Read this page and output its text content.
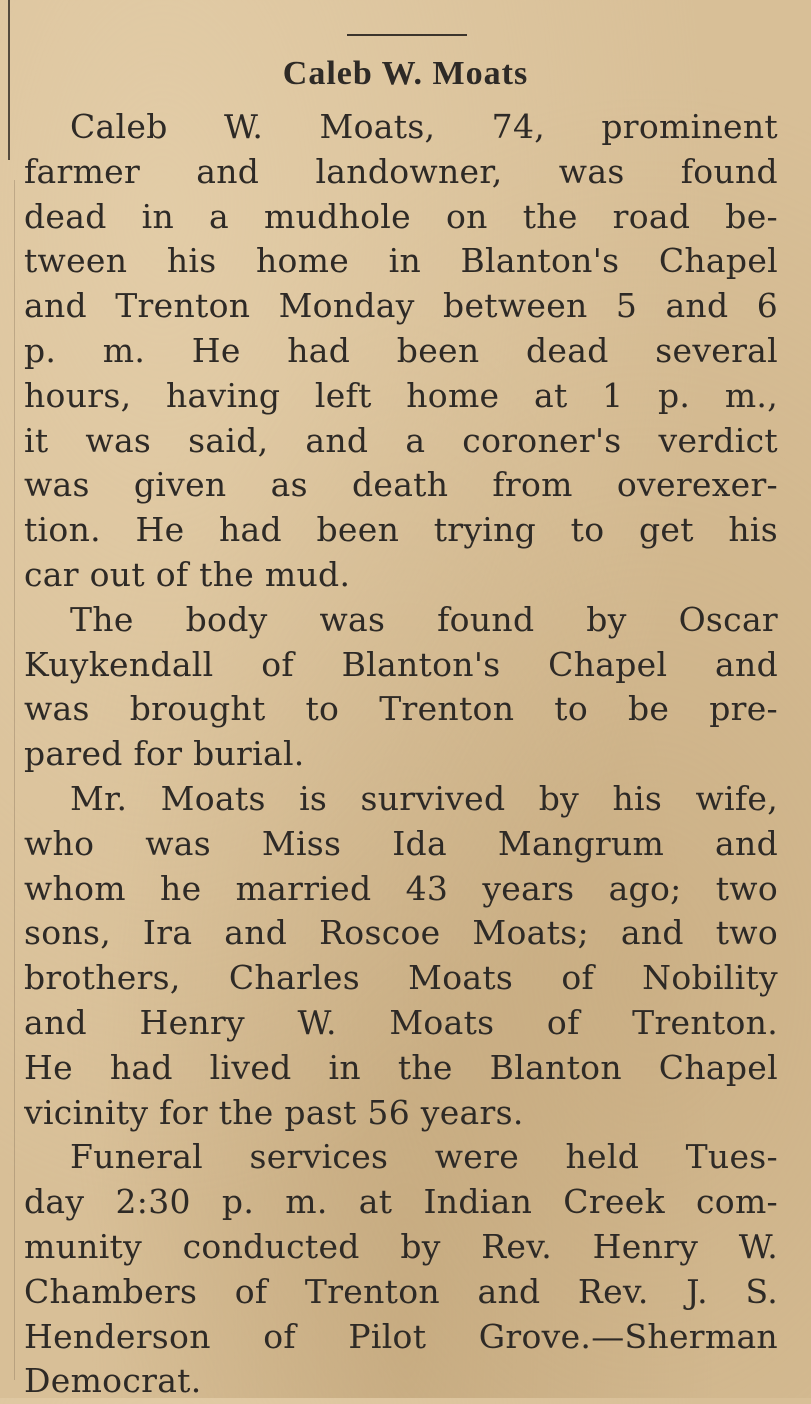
Caleb W. Moats
Caleb W. Moats, 74, prominent
farmer and landowner, was found
dead in a mudhole on the road be-
tween his home in Blanton's Chapel
and Trenton Monday between 5 and 6
p. m. He had been dead several
hours, having left home at 1 p. m.,
it was said, and a coroner's verdict
was given as death from overexer-
tion. He had been trying to get his
car out of the mud.
The body was found by Oscar
Kuykendall of Blanton's Chapel and
was brought to Trenton to be pre-
pared for burial.
Mr. Moats is survived by his wife,
who was Miss Ida Mangrum and
whom he married 43 years ago; two
sons, Ira and Roscoe Moats; and two
brothers, Charles Moats of Nobility
and Henry W. Moats of Trenton.
He had lived in the Blanton Chapel
vicinity for the past 56 years.
Funeral services were held Tues-
day 2:30 p. m. at Indian Creek com-
munity conducted by Rev. Henry W.
Chambers of Trenton and Rev. J. S.
Henderson of Pilot Grove.—Sherman
Democrat.
